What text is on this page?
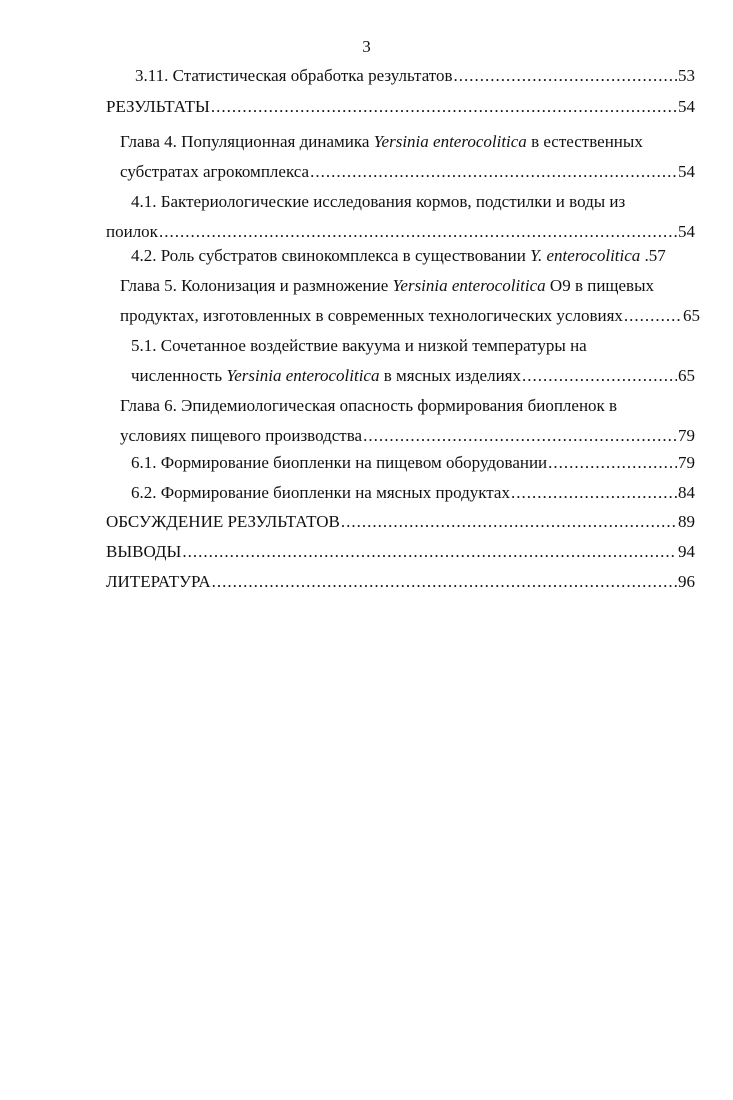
3
3.11. Статистическая обработка результатов .....	53
РЕЗУЛЬТАТЫ .....	54
Глава 4. Популяционная динамика Yersinia enterocolitica в естественных
субстратах агрокомплекса .....	54
4.1. Бактериологические исследования кормов, подстилки и воды из
поилок .....	54
4.2. Роль субстратов свинокомплекса в существовании Y. enterocolitica .57
Глава 5. Колонизация и размножение Yersinia enterocolitica О9 в пищевых
продуктах, изготовленных в современных технологических условиях .....	65
5.1. Сочетанное воздействие вакуума и низкой температуры на
численность Yersinia enterocolitica в мясных изделиях .....	65
Глава 6. Эпидемиологическая опасность формирования биопленок в
условиях пищевого производства .....	79
6.1. Формирование биопленки на пищевом оборудовании .....	79
6.2. Формирование биопленки на мясных продуктах .....	84
ОБСУЖДЕНИЕ РЕЗУЛЬТАТОВ .....	89
ВЫВОДЫ .....	94
ЛИТЕРАТУРА .....	96
